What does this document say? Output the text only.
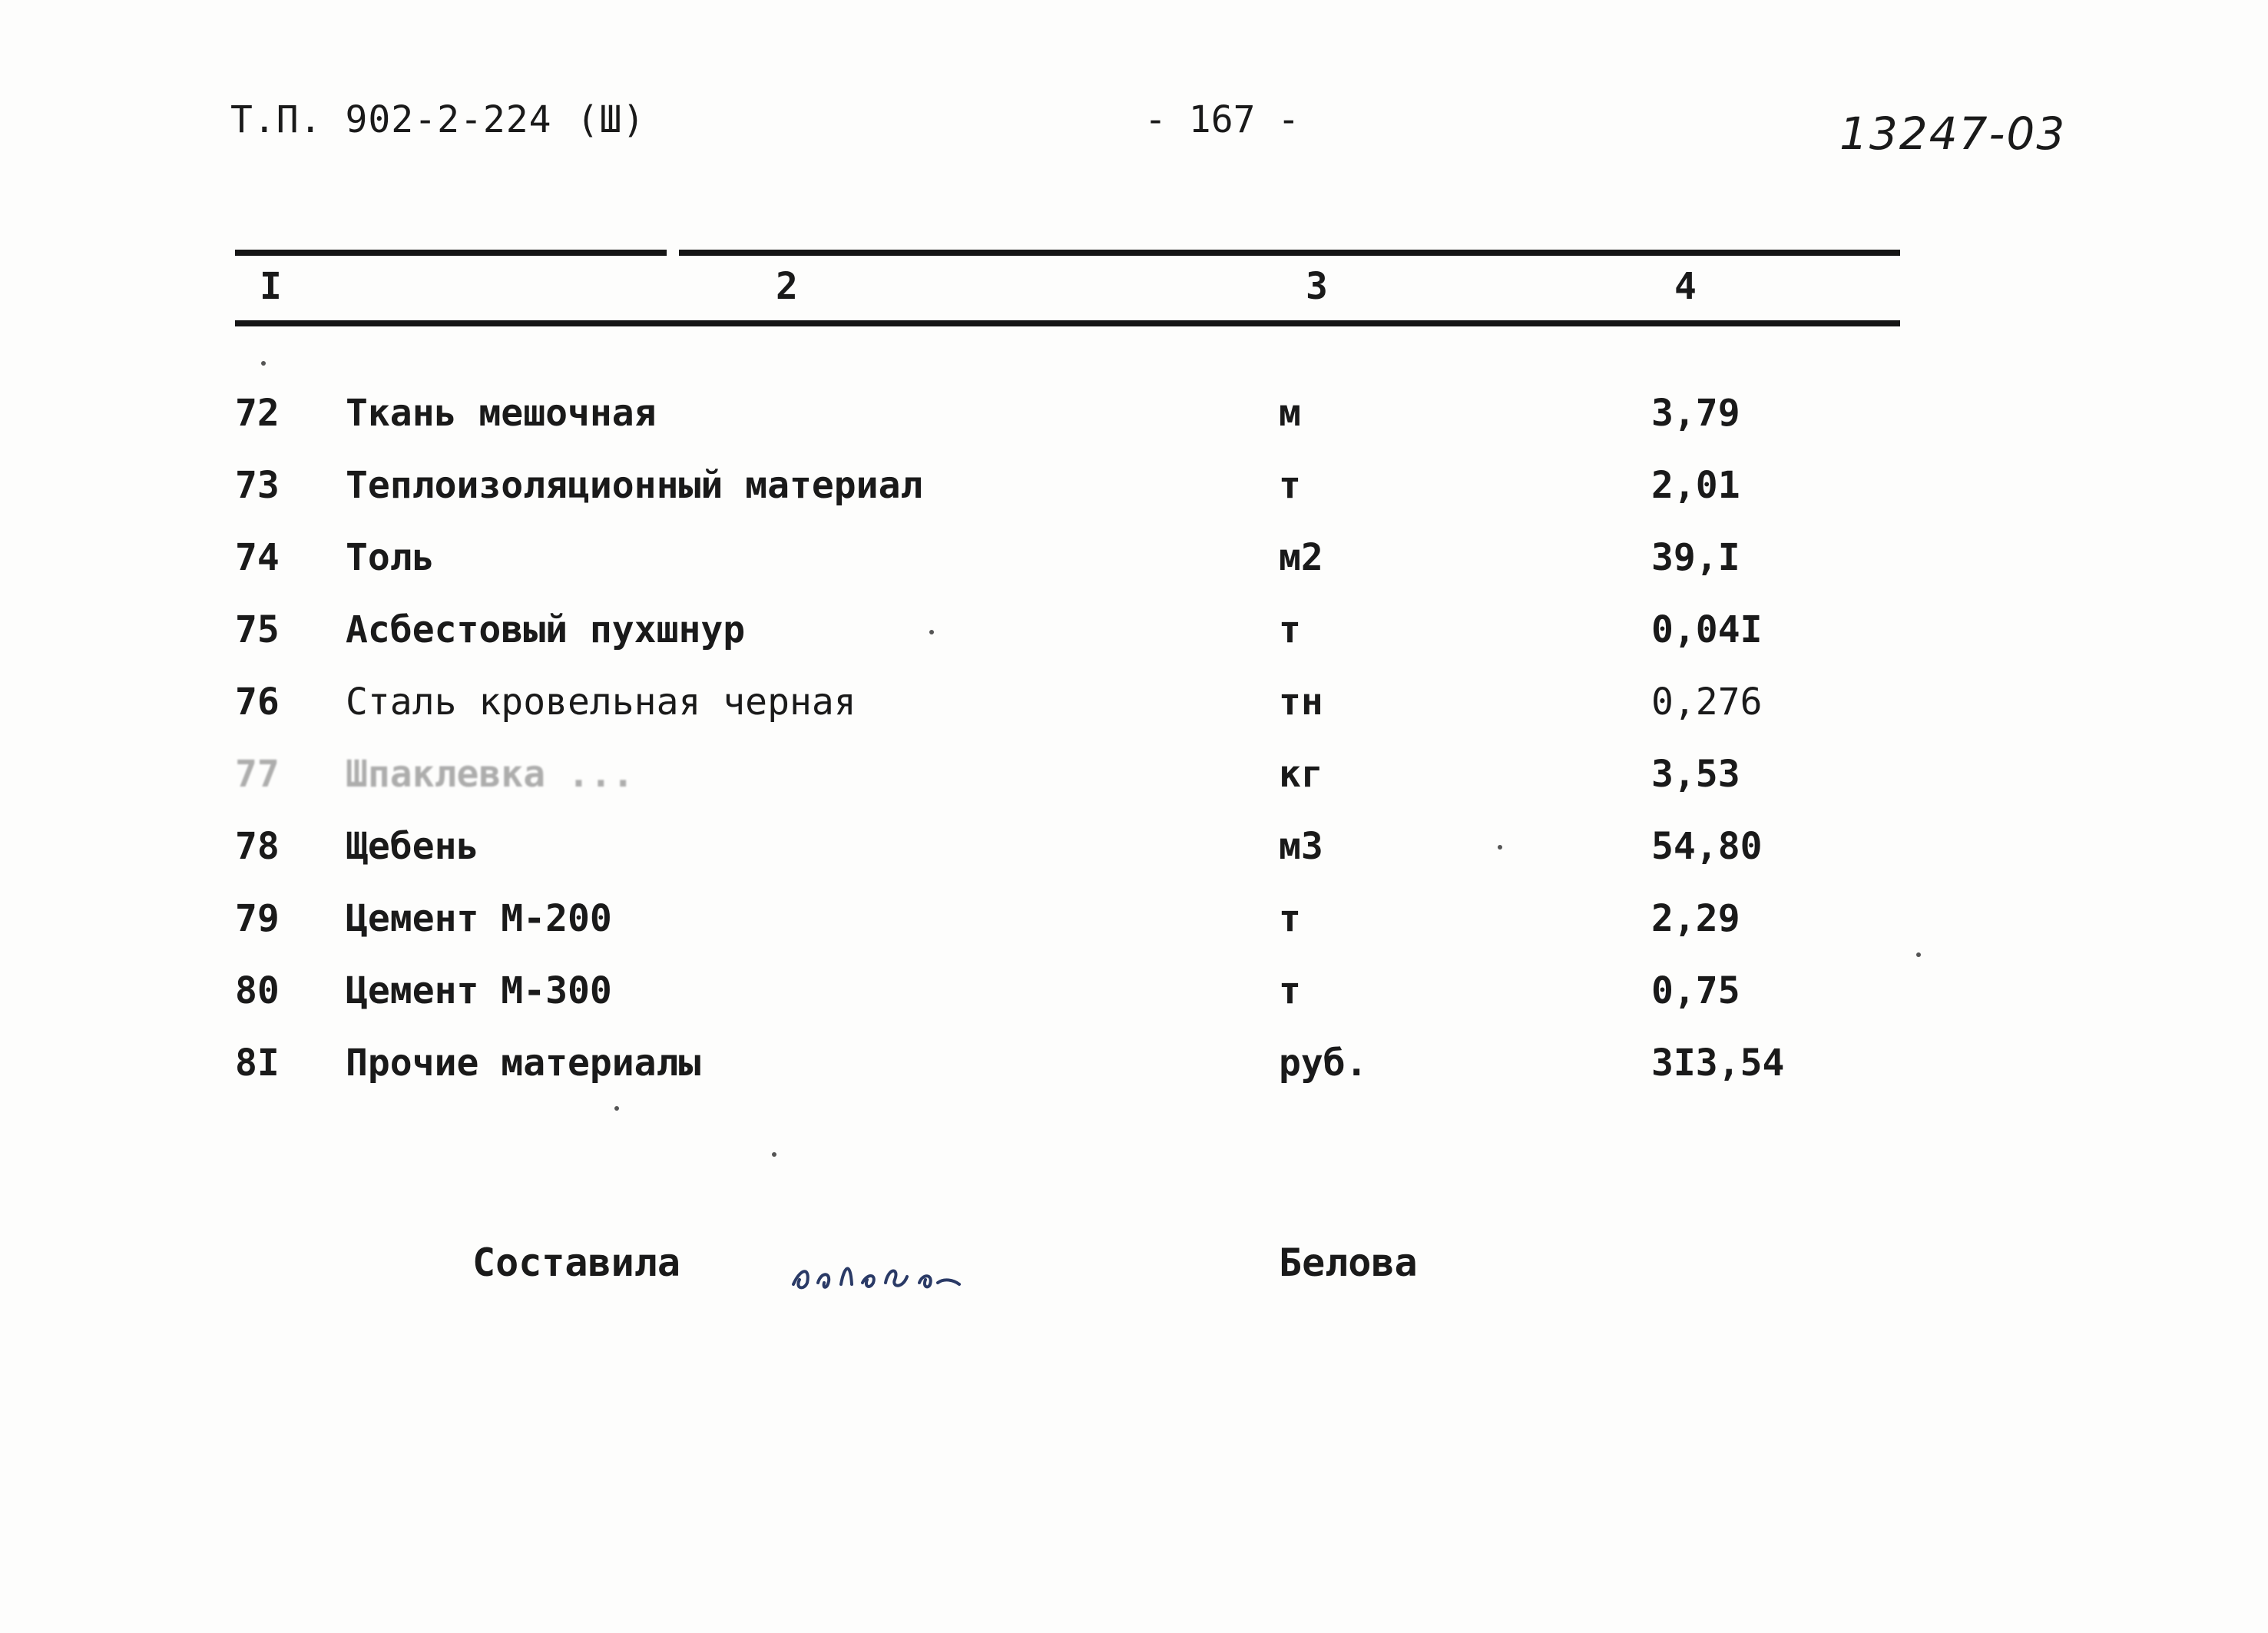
Т.П. 902-2-224 (Ш)	- 167 -	13247-03
I	2	3	4
72 Ткань мешочная	м	3,79
73 Теплоизоляционный материал	т	2,01
74 Толь	м2	39,I
75 Асбестовый пухшнур	т	0,04I
76 Сталь кровельная черная	тн	0,276
77 Шпаклевка ...	кг	3,53
78 Щебень	м3	54,80
79 Цемент М-200	т	2,29
80 Цемент М-300	т	0,75
8I Прочие материалы	руб.	3I3,54
Составила	Белова
